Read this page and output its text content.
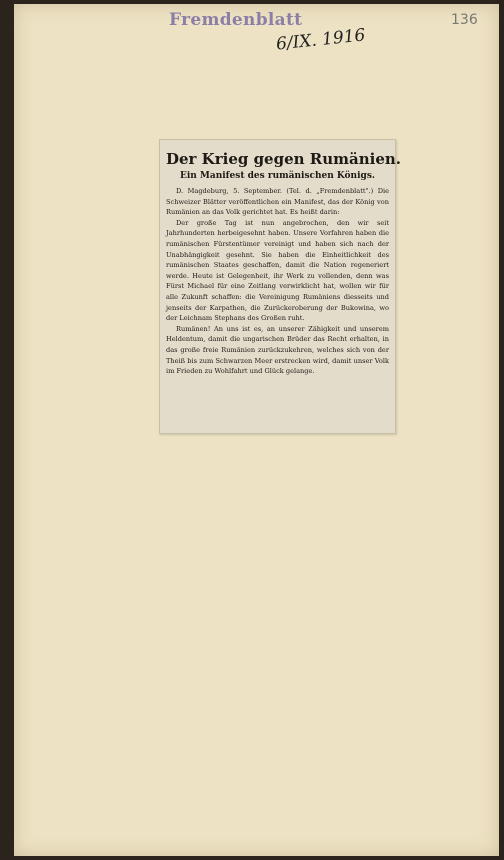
Fremdenblatt
6/IX. 1916
136
Der Krieg gegen Rumänien.
Ein Manifest des rumänischen Königs.

D. Magdeburg, 5. September. (Tel. d. „Fremdenblatt".) Die Schweizer Blätter veröffentlichen ein Manifest, das der König von Rumänien an das Volk gerichtet hat. Es heißt darin:

Der große Tag ist nun angebrochen, den wir seit Jahrhunderten herbeigesehnt haben. Unsere Vorfahren haben die rumänischen Fürstentümer vereinigt und haben sich nach der Unabhängigkeit gesehnt. Sie haben die Einheitlichkeit des rumänischen Staates geschaffen, damit die Nation regeneriert werde. Heute ist Gelegenheit, ihr Werk zu vollenden, denn was Fürst Michael für eine Zeitlang verwirklicht hat, wollen wir für alle Zukunft schaffen: die Vereinigung Rumäniens diesseits und jenseits der Karpathen, die Zurückeroberung der Bukowina, wo der Leichnam Stephans des Großen ruht.

Rumänen! An uns ist es, an unserer Zähigkeit und unserem Heldentum, damit die ungarischen Brüder das Recht erhalten, in das große freie Rumänien zurückzukehren, welches sich von der Theiß bis zum Schwarzen Meer erstrecken wird, damit unser Volk im Frieden zu Wohlfahrt und Glück gelange.
